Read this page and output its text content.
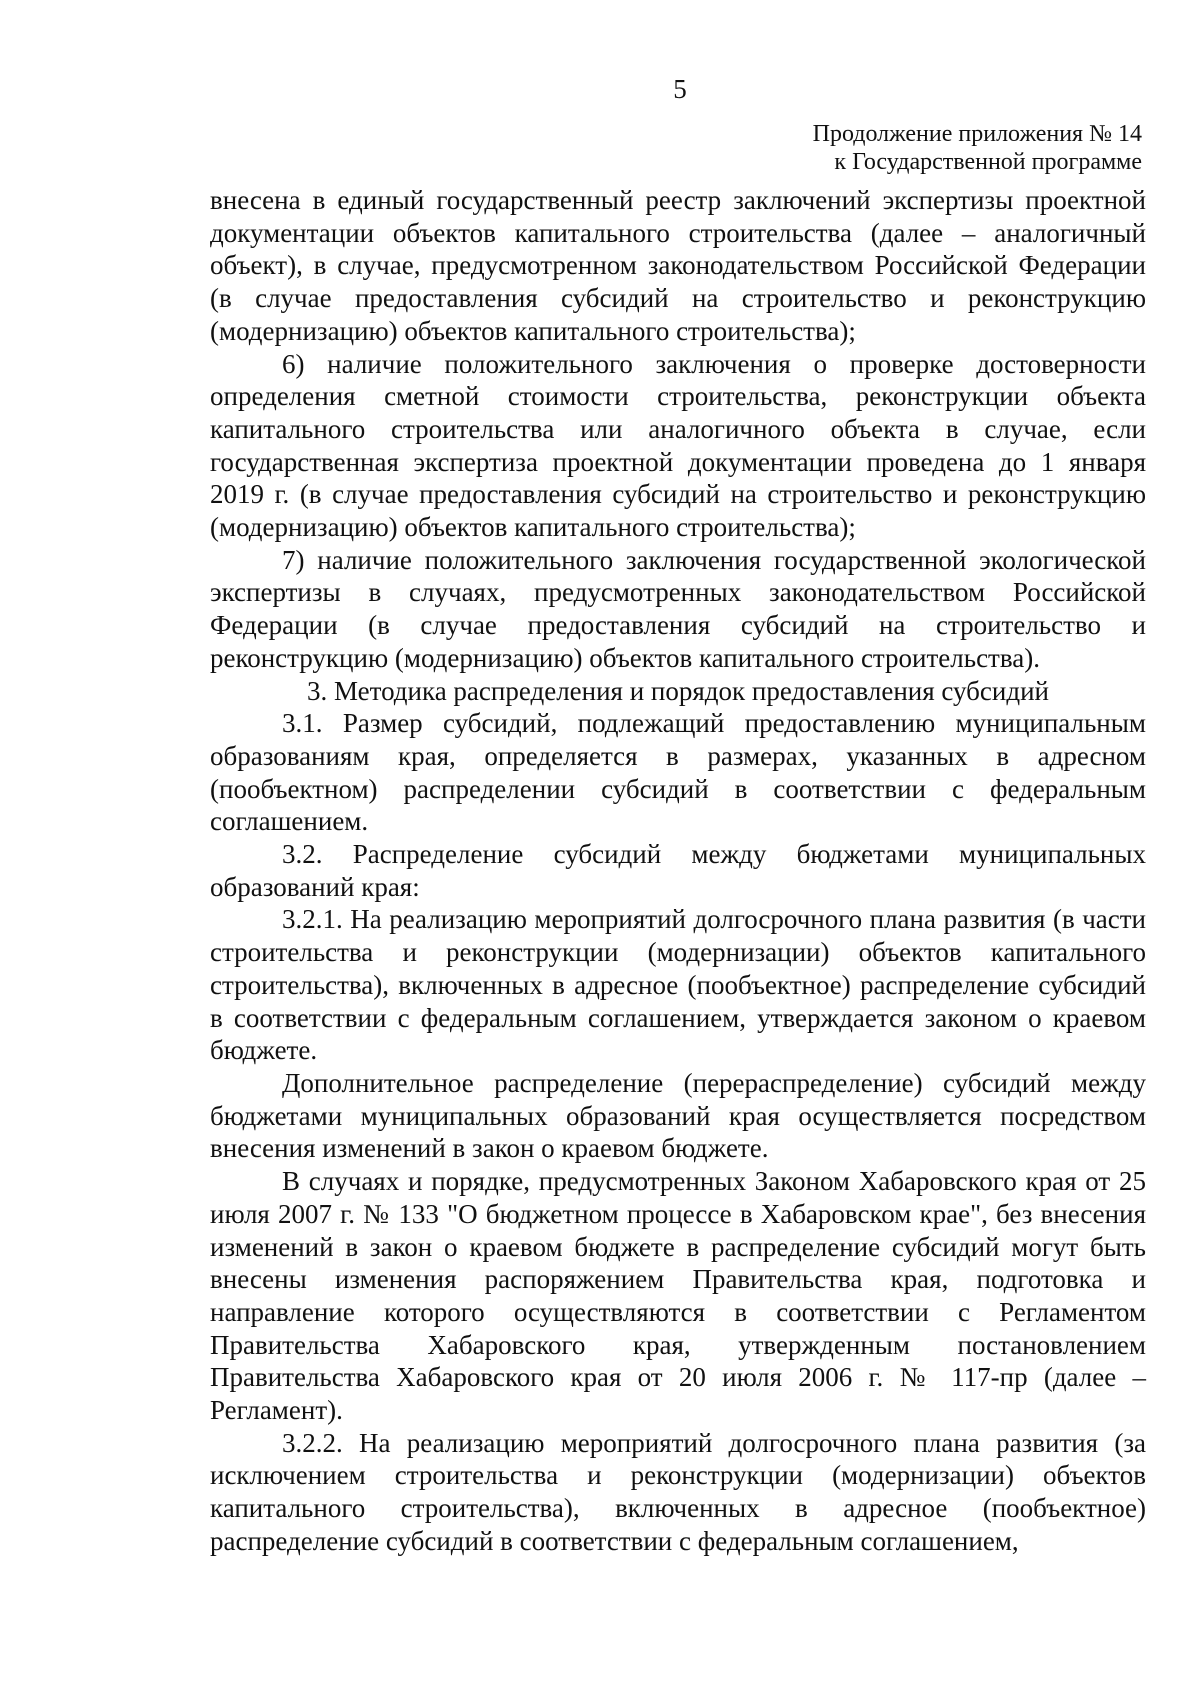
5
Продолжение приложения № 14
к Государственной программе

внесена в единый государственный реестр заключений экспертизы проектной документации объектов капитального строительства (далее – аналогичный объект), в случае, предусмотренном законодательством Российской Федерации (в случае предоставления субсидий на строительство и реконструкцию (модернизацию) объектов капитального строительства);

6) наличие положительного заключения о проверке достоверности определения сметной стоимости строительства, реконструкции объекта капитального строительства или аналогичного объекта в случае, если государственная экспертиза проектной документации проведена до 1 января 2019 г. (в случае предоставления субсидий на строительство и реконструкцию (модернизацию) объектов капитального строительства);

7) наличие положительного заключения государственной экологической экспертизы в случаях, предусмотренных законодательством Российской Федерации (в случае предоставления субсидий на строительство и реконструкцию (модернизацию) объектов капитального строительства).

3. Методика распределения и порядок предоставления субсидий

3.1. Размер субсидий, подлежащий предоставлению муниципальным образованиям края, определяется в размерах, указанных в адресном (пообъектном) распределении субсидий в соответствии с федеральным соглашением.

3.2. Распределение субсидий между бюджетами муниципальных образований края:

3.2.1. На реализацию мероприятий долгосрочного плана развития (в части строительства и реконструкции (модернизации) объектов капитального строительства), включенных в адресное (пообъектное) распределение субсидий в соответствии с федеральным соглашением, утверждается законом о краевом бюджете.

Дополнительное распределение (перераспределение) субсидий между бюджетами муниципальных образований края осуществляется посредством внесения изменений в закон о краевом бюджете.

В случаях и порядке, предусмотренных Законом Хабаровского края от 25 июля 2007 г. № 133 "О бюджетном процессе в Хабаровском крае", без внесения изменений в закон о краевом бюджете в распределение субсидий могут быть внесены изменения распоряжением Правительства края, подготовка и направление которого осуществляются в соответствии с Регламентом Правительства Хабаровского края, утвержденным постановлением Правительства Хабаровского края от 20 июля 2006 г. № 117-пр (далее – Регламент).

3.2.2. На реализацию мероприятий долгосрочного плана развития (за исключением строительства и реконструкции (модернизации) объектов капитального строительства), включенных в адресное (пообъектное) распределение субсидий в соответствии с федеральным соглашением,
